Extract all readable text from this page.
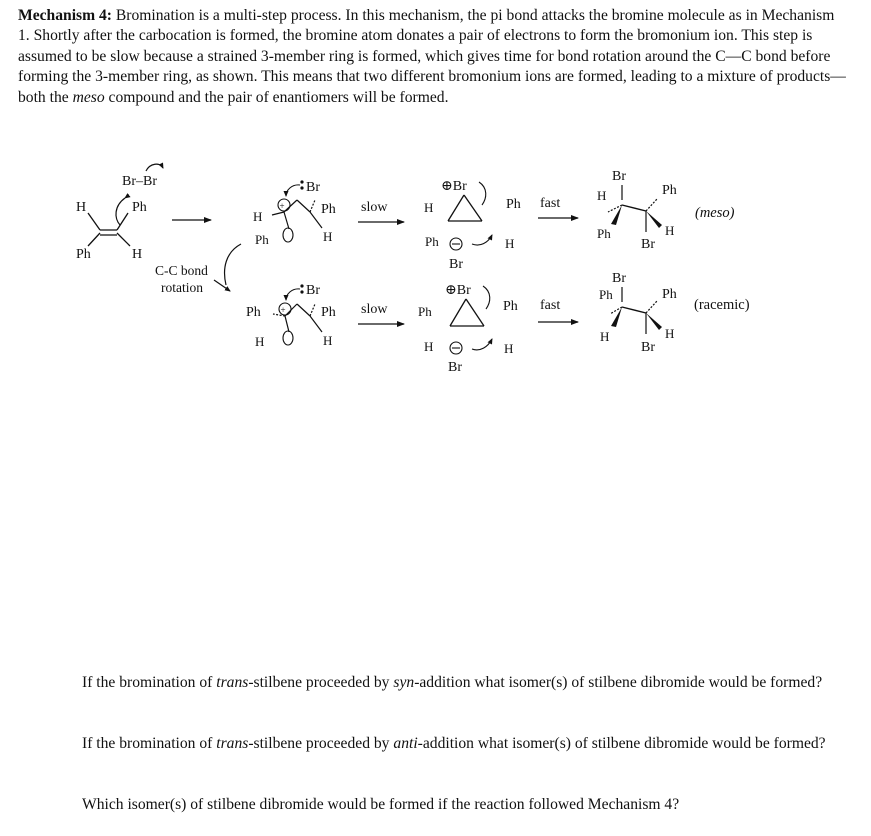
Mechanism 4: Bromination is a multi-step process. In this mechanism, the pi bond attacks the bromine molecule as in Mechanism 1. Shortly after the carbocation is formed, the bromine atom donates a pair of electrons to form the bromonium ion. This step is assumed to be slow because a strained 3-member ring is formed, which gives time for bond rotation around the C—C bond before forming the 3-member ring, as shown. This means that two different bromonium ions are formed, leading to a mixture of products—both the meso compound and the pair of enantiomers will be formed.

Br–Br
H	Ph
Ph	H
C-C bond
rotation
Br
+
H
Ph
Ph
H
slow
⊕Br
H	Ph
Ph	H
Br
fast
Br
H	Ph
Ph	H
Br
(meso)
Br
+
Ph
H
Ph
H
slow
⊕Br
Ph	Ph
H	H
Br
fast
Br
Ph	Ph
H	H
Br
(racemic)

If the bromination of trans-stilbene proceeded by syn-addition what isomer(s) of stilbene dibromide would be formed?

If the bromination of trans-stilbene proceeded by anti-addition what isomer(s) of stilbene dibromide would be formed?

Which isomer(s) of stilbene dibromide would be formed if the reaction followed Mechanism 4?
